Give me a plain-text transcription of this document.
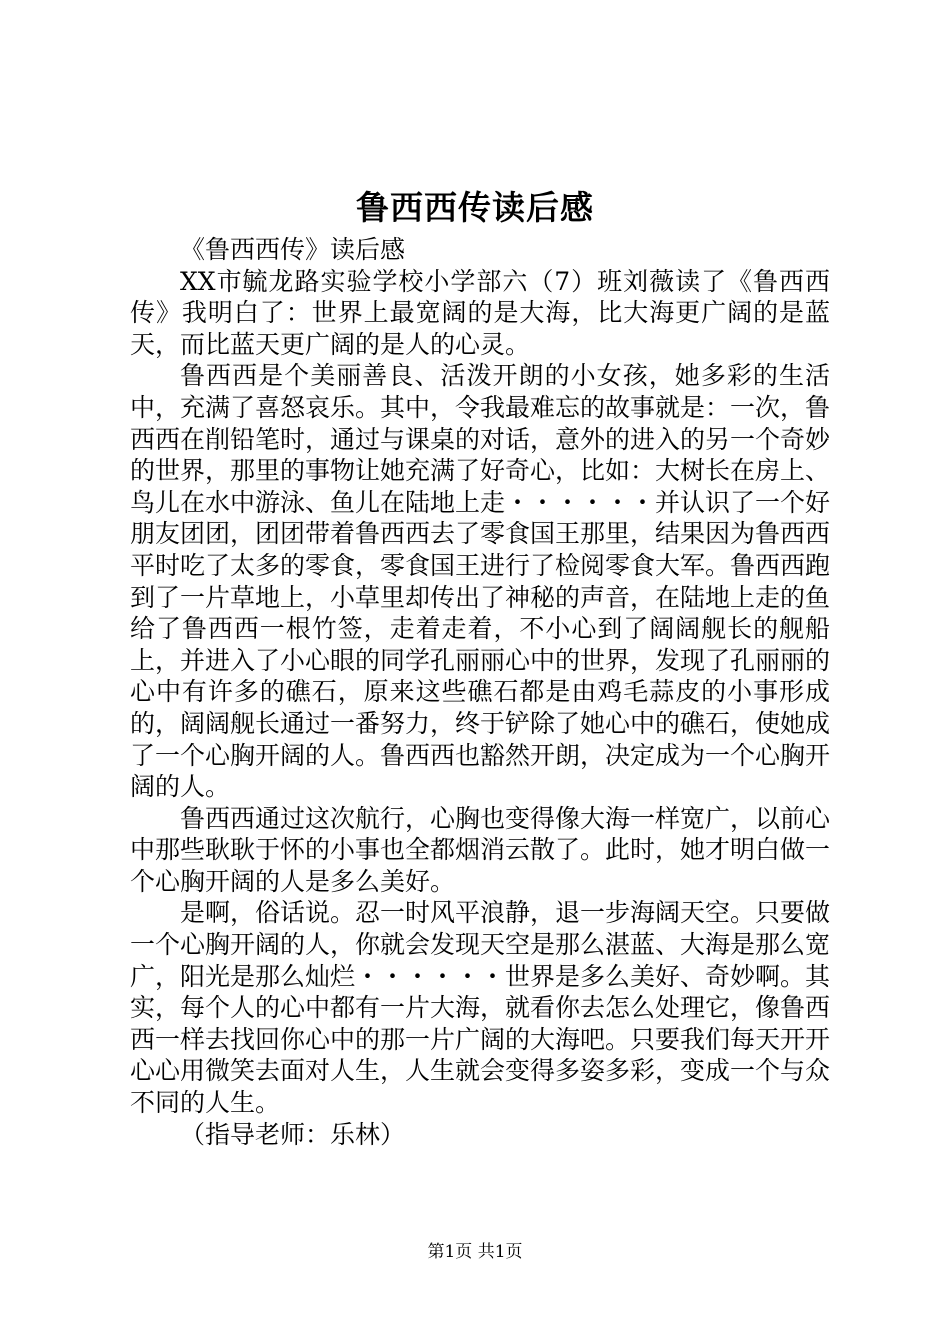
鲁西西传读后感

《鲁西西传》读后感

XX市毓龙路实验学校小学部六（7）班刘薇读了《鲁西西传》我明白了：世界上最宽阔的是大海，比大海更广阔的是蓝天，而比蓝天更广阔的是人的心灵。

鲁西西是个美丽善良、活泼开朗的小女孩，她多彩的生活中，充满了喜怒哀乐。其中，令我最难忘的故事就是：一次，鲁西西在削铅笔时，通过与课桌的对话，意外的进入的另一个奇妙的世界，那里的事物让她充满了好奇心，比如：大树长在房上、鸟儿在水中游泳、鱼儿在陆地上走・・・・・・并认识了一个好朋友团团，团团带着鲁西西去了零食国王那里，结果因为鲁西西平时吃了太多的零食，零食国王进行了检阅零食大军。鲁西西跑到了一片草地上，小草里却传出了神秘的声音，在陆地上走的鱼给了鲁西西一根竹签，走着走着，不小心到了阔阔舰长的舰船上，并进入了小心眼的同学孔丽丽心中的世界，发现了孔丽丽的心中有许多的礁石，原来这些礁石都是由鸡毛蒜皮的小事形成的，阔阔舰长通过一番努力，终于铲除了她心中的礁石，使她成了一个心胸开阔的人。鲁西西也豁然开朗，决定成为一个心胸开阔的人。

鲁西西通过这次航行，心胸也变得像大海一样宽广，以前心中那些耿耿于怀的小事也全都烟消云散了。此时，她才明白做一个心胸开阔的人是多么美好。

是啊，俗话说。忍一时风平浪静，退一步海阔天空。只要做一个心胸开阔的人，你就会发现天空是那么湛蓝、大海是那么宽广，阳光是那么灿烂・・・・・・世界是多么美好、奇妙啊。其实，每个人的心中都有一片大海，就看你去怎么处理它，像鲁西西一样去找回你心中的那一片广阔的大海吧。只要我们每天开开心心用微笑去面对人生，人生就会变得多姿多彩，变成一个与众不同的人生。

（指导老师：乐林）

第1页 共1页
